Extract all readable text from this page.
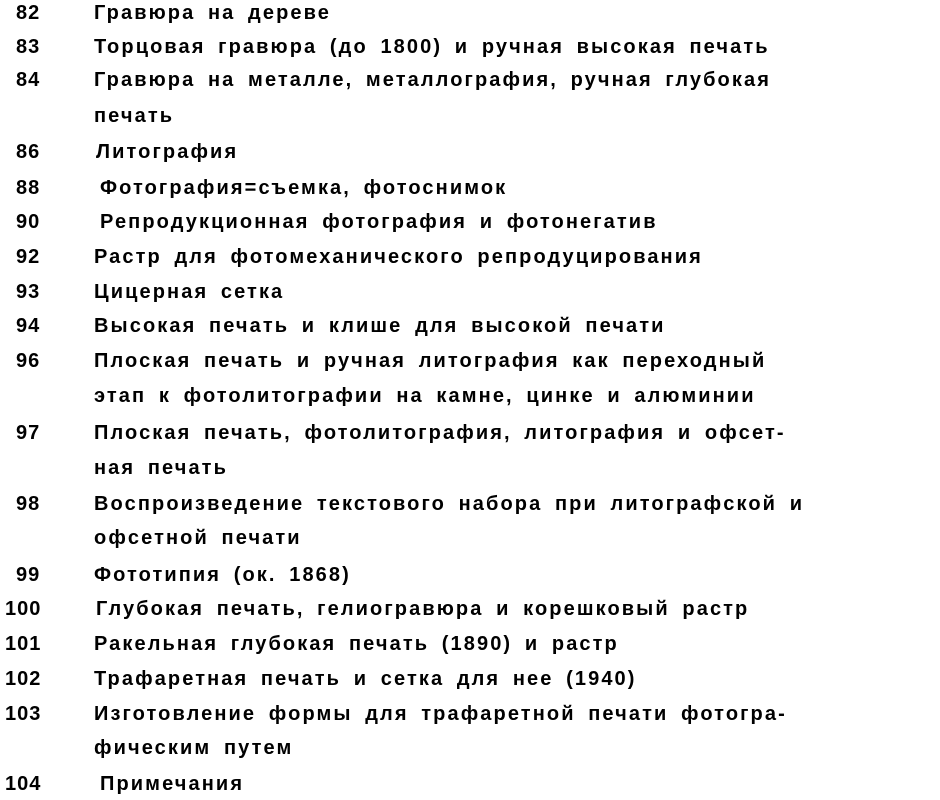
82	Гравюра на дереве
83	Торцовая гравюра (до 1800) и ручная высокая печать
84	Гравюра на металле, металлография, ручная глубокая
печать
86	Литография
88	Фотография=съемка, фотоснимок
90	Репродукционная фотография и фотонегатив
92	Растр для фотомеханического репродуцирования
93	Цицерная сетка
94	Высокая печать и клише для высокой печати
96	Плоская печать и ручная литография как переходный
этап к фотолитографии на камне, цинке и алюминии
97	Плоская печать, фотолитография, литография и офсет-
ная печать
98	Воспроизведение текстового набора при литографской и
офсетной печати
99	Фототипия (ок. 1868)
100	Глубокая печать, гелиогравюра и корешковый растр
101	Ракельная глубокая печать (1890) и растр
102	Трафаретная печать и сетка для нее (1940)
103	Изготовление формы для трафаретной печати фотогра-
фическим путем
104	Примечания
